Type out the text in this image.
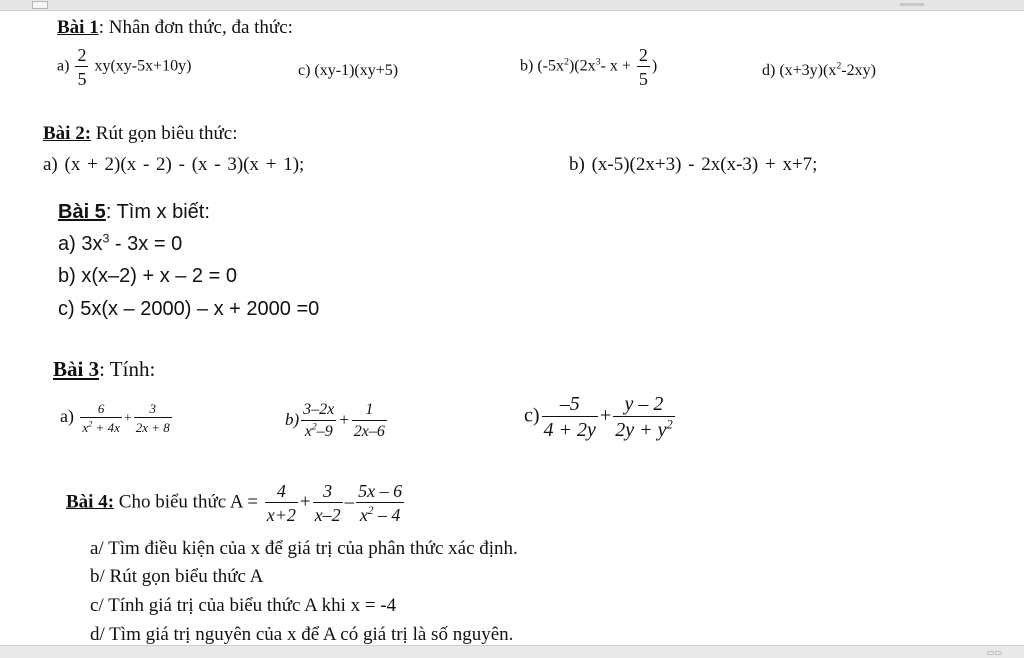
Bài 1: Nhân đơn thức, đa thức:
$a) \frac{2}{5} xy(xy-5x+10y)$	c) (xy-1)(xy+5)	b) $(-5x^2)(2x^3-$ $x + \frac{2}{5}$ )	d) $(x+3y)(x^2-2xy)$
Bài 2: Rút gọn biêu thức:
a) (x + 2)(x - 2) - (x - 3)(x + 1);	b) (x-5)(2x+3) - 2x(x-3) + x+7;
Bài 5: Tìm x biết:
a) $3x^3 - 3x = 0$
b) x(x–2) + x – 2 = 0
c) 5x(x – 2000) – x + 2000 =0
Bài 3: Tính:
$a) \frac{6}{x^2 + 4x} + \frac{3}{2x + 8}$	$b) \frac{3-2x}{x^2-9} + \frac{1}{2x-6}$	$c) \frac{-5}{4 + 2y} + \frac{y - 2}{2y + y^2}$
Bài 4: Cho biểu thức $A = \frac{4}{x+2} + \frac{3}{x-2} - \frac{5x - 6}{x^2 - 4}$
a/ Tìm điều kiện của x để giá trị của phân thức xác định.
b/ Rút gọn biểu thức A
c/ Tính giá trị của biểu thức A khi x = -4
d/ Tìm giá trị nguyên của x để A có giá trị là số nguyên.
▭▭
